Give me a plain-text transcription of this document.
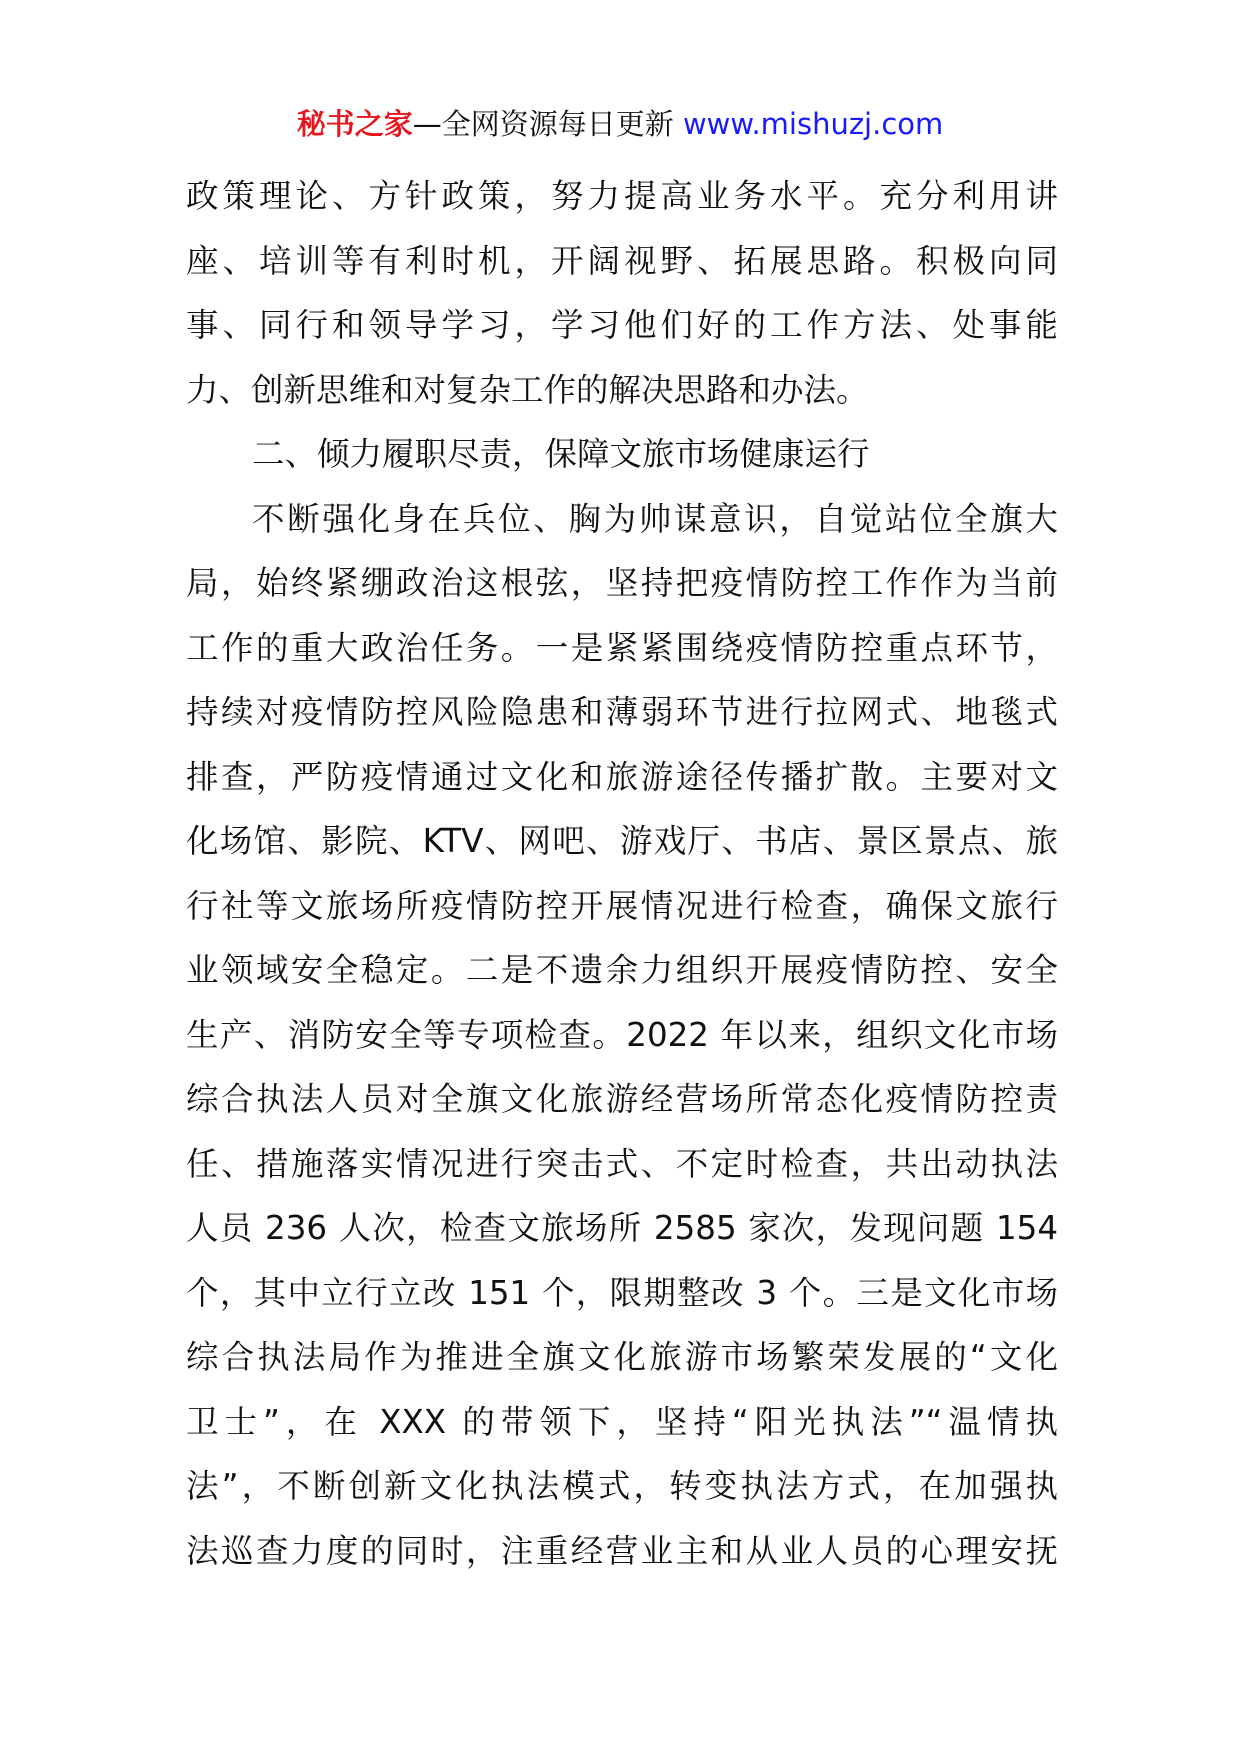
秘书之家—全网资源每日更新 www.mishuzj.com
政策理论、方针政策，努力提高业务水平。充分利用讲
座、培训等有利时机，开阔视野、拓展思路。积极向同
事、同行和领导学习，学习他们好的工作方法、处事能
力、创新思维和对复杂工作的解决思路和办法。
二、倾力履职尽责，保障文旅市场健康运行
不断强化身在兵位、胸为帅谋意识，自觉站位全旗大
局，始终紧绷政治这根弦，坚持把疫情防控工作作为当前
工作的重大政治任务。一是紧紧围绕疫情防控重点环节，
持续对疫情防控风险隐患和薄弱环节进行拉网式、地毯式
排查，严防疫情通过文化和旅游途径传播扩散。主要对文
化场馆、影院、KTV、网吧、游戏厅、书店、景区景点、旅
行社等文旅场所疫情防控开展情况进行检查，确保文旅行
业领域安全稳定。二是不遗余力组织开展疫情防控、安全
生产、消防安全等专项检查。2022 年以来，组织文化市场
综合执法人员对全旗文化旅游经营场所常态化疫情防控责
任、措施落实情况进行突击式、不定时检查，共出动执法
人员 236 人次，检查文旅场所 2585 家次，发现问题 154
个，其中立行立改 151 个，限期整改 3 个。三是文化市场
综合执法局作为推进全旗文化旅游市场繁荣发展的“文化
卫士”，在 XXX 的带领下，坚持“阳光执法”“温情执
法”，不断创新文化执法模式，转变执法方式，在加强执
法巡查力度的同时，注重经营业主和从业人员的心理安抚
